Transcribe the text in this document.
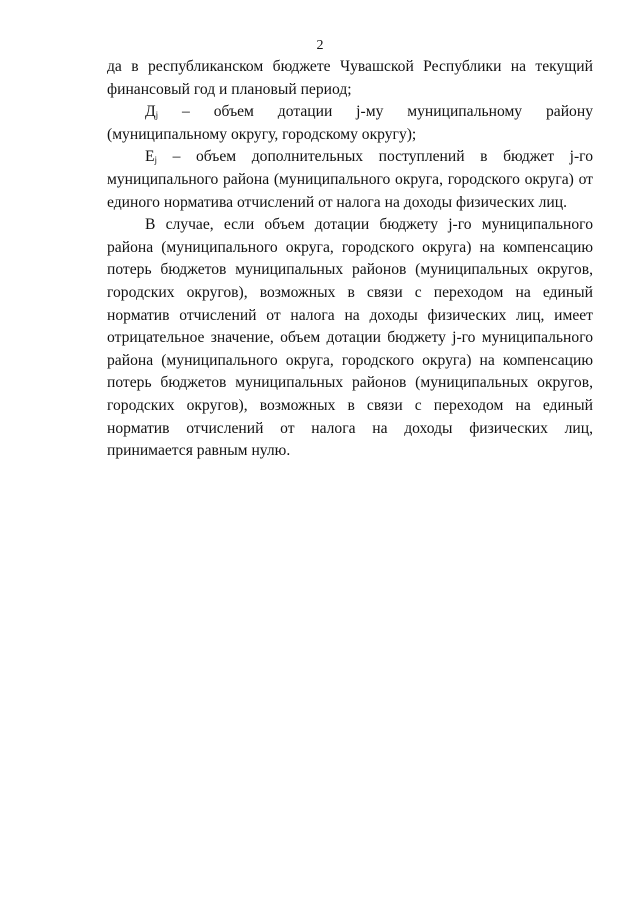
2

да в республиканском бюджете Чувашской Республики на текущий финансовый год и плановый период;

$Д_j$ – объем дотации j-му муниципальному району (муниципальному округу, городскому округу);

$E_j$ – объем дополнительных поступлений в бюджет j-го муниципального района (муниципального округа, городского округа) от единого норматива отчислений от налога на доходы физических лиц.

В случае, если объем дотации бюджету j-го муниципального района (муниципального округа, городского округа) на компенсацию потерь бюджетов муниципальных районов (муниципальных округов, городских округов), возможных в связи с переходом на единый норматив отчислений от налога на доходы физических лиц, имеет отрицательное значение, объем дотации бюджету j-го муниципального района (муниципального округа, городского округа) на компенсацию потерь бюджетов муниципальных районов (муниципальных округов, городских округов), возможных в связи с переходом на единый норматив отчислений от налога на доходы физических лиц, принимается равным нулю.
